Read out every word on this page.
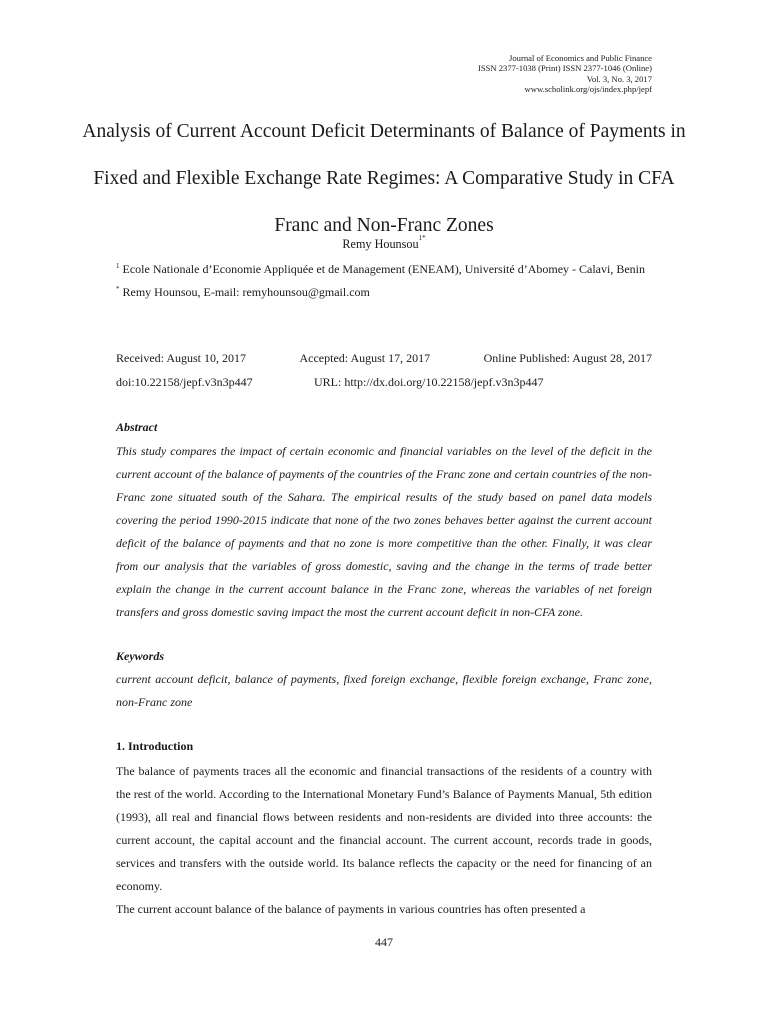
Journal of Economics and Public Finance
ISSN 2377-1038 (Print) ISSN 2377-1046 (Online)
Vol. 3, No. 3, 2017
www.scholink.org/ojs/index.php/jepf
Analysis of Current Account Deficit Determinants of Balance of Payments in Fixed and Flexible Exchange Rate Regimes: A Comparative Study in CFA Franc and Non-Franc Zones
Remy Hounsou$^{1*}$
$^1$ Ecole Nationale d’Economie Appliquée et de Management (ENEAM), Université d’Abomey - Calavi, Benin
* Remy Hounsou, E-mail: remyhounsou@gmail.com
Received: August 10, 2017	Accepted: August 17, 2017	Online Published: August 28, 2017
doi:10.22158/jepf.v3n3p447	URL: http://dx.doi.org/10.22158/jepf.v3n3p447
Abstract
This study compares the impact of certain economic and financial variables on the level of the deficit in the current account of the balance of payments of the countries of the Franc zone and certain countries of the non-Franc zone situated south of the Sahara. The empirical results of the study based on panel data models covering the period 1990-2015 indicate that none of the two zones behaves better against the current account deficit of the balance of payments and that no zone is more competitive than the other. Finally, it was clear from our analysis that the variables of gross domestic, saving and the change in the terms of trade better explain the change in the current account balance in the Franc zone, whereas the variables of net foreign transfers and gross domestic saving impact the most the current account deficit in non-CFA zone.
Keywords
current account deficit, balance of payments, fixed foreign exchange, flexible foreign exchange, Franc zone, non-Franc zone
1. Introduction
The balance of payments traces all the economic and financial transactions of the residents of a country with the rest of the world. According to the International Monetary Fund’s Balance of Payments Manual, 5th edition (1993), all real and financial flows between residents and non-residents are divided into three accounts: the current account, the capital account and the financial account. The current account, records trade in goods, services and transfers with the outside world. Its balance reflects the capacity or the need for financing of an economy.
The current account balance of the balance of payments in various countries has often presented a
447
